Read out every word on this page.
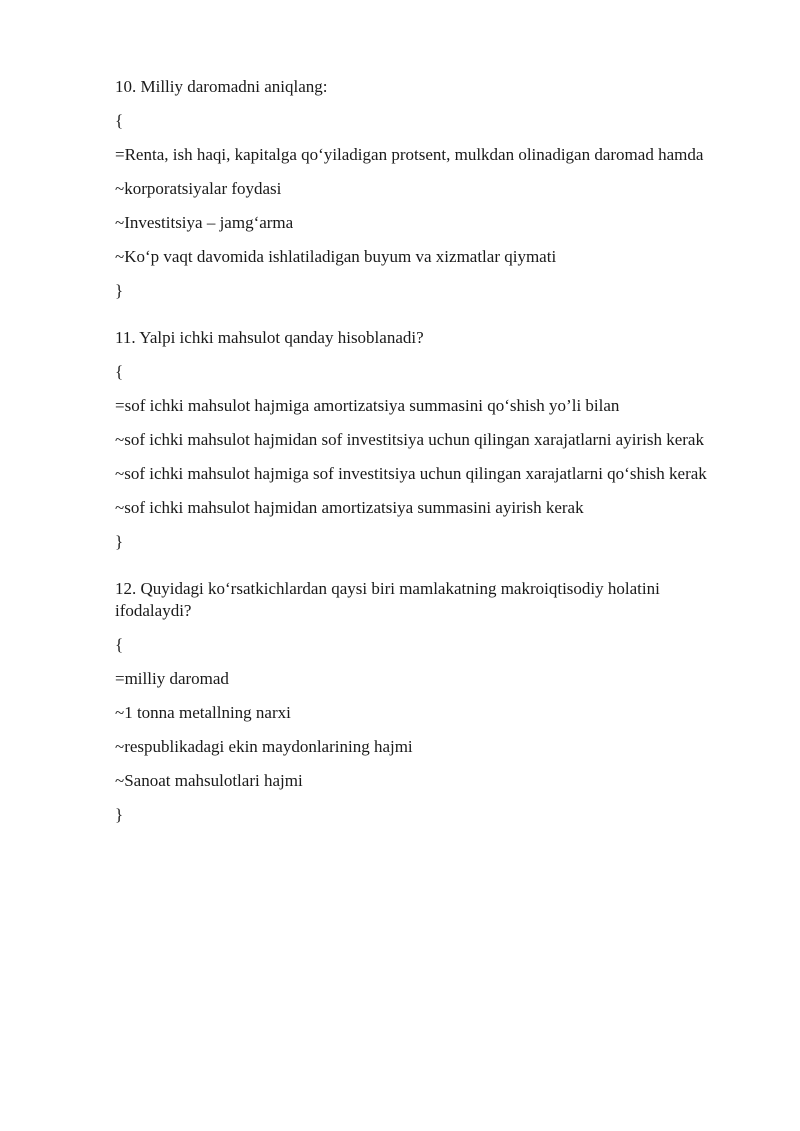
10. Milliy daromadni aniqlang:

{

=Renta, ish haqi, kapitalga qo‘yiladigan protsent, mulkdan olinadigan daromad hamda

~korporatsiyalar foydasi

~Investitsiya – jamg‘arma

~Ko‘p vaqt davomida ishlatiladigan buyum va xizmatlar qiymati

}

11. Yalpi ichki mahsulot qanday hisoblanadi?

{

=sof ichki mahsulot hajmiga amortizatsiya summasini qo‘shish yo’li bilan

~sof ichki mahsulot hajmidan sof investitsiya uchun qilingan xarajatlarni ayirish kerak

~sof ichki mahsulot hajmiga sof investitsiya uchun qilingan xarajatlarni qo‘shish kerak

~sof ichki mahsulot hajmidan amortizatsiya summasini ayirish kerak

}

12. Quyidagi ko‘rsatkichlardan qaysi biri mamlakatning makroiqtisodiy holatini ifodalaydi?

{

=milliy daromad

~1 tonna metallning narxi

~respublikadagi ekin maydonlarining hajmi

~Sanoat mahsulotlari hajmi

}
